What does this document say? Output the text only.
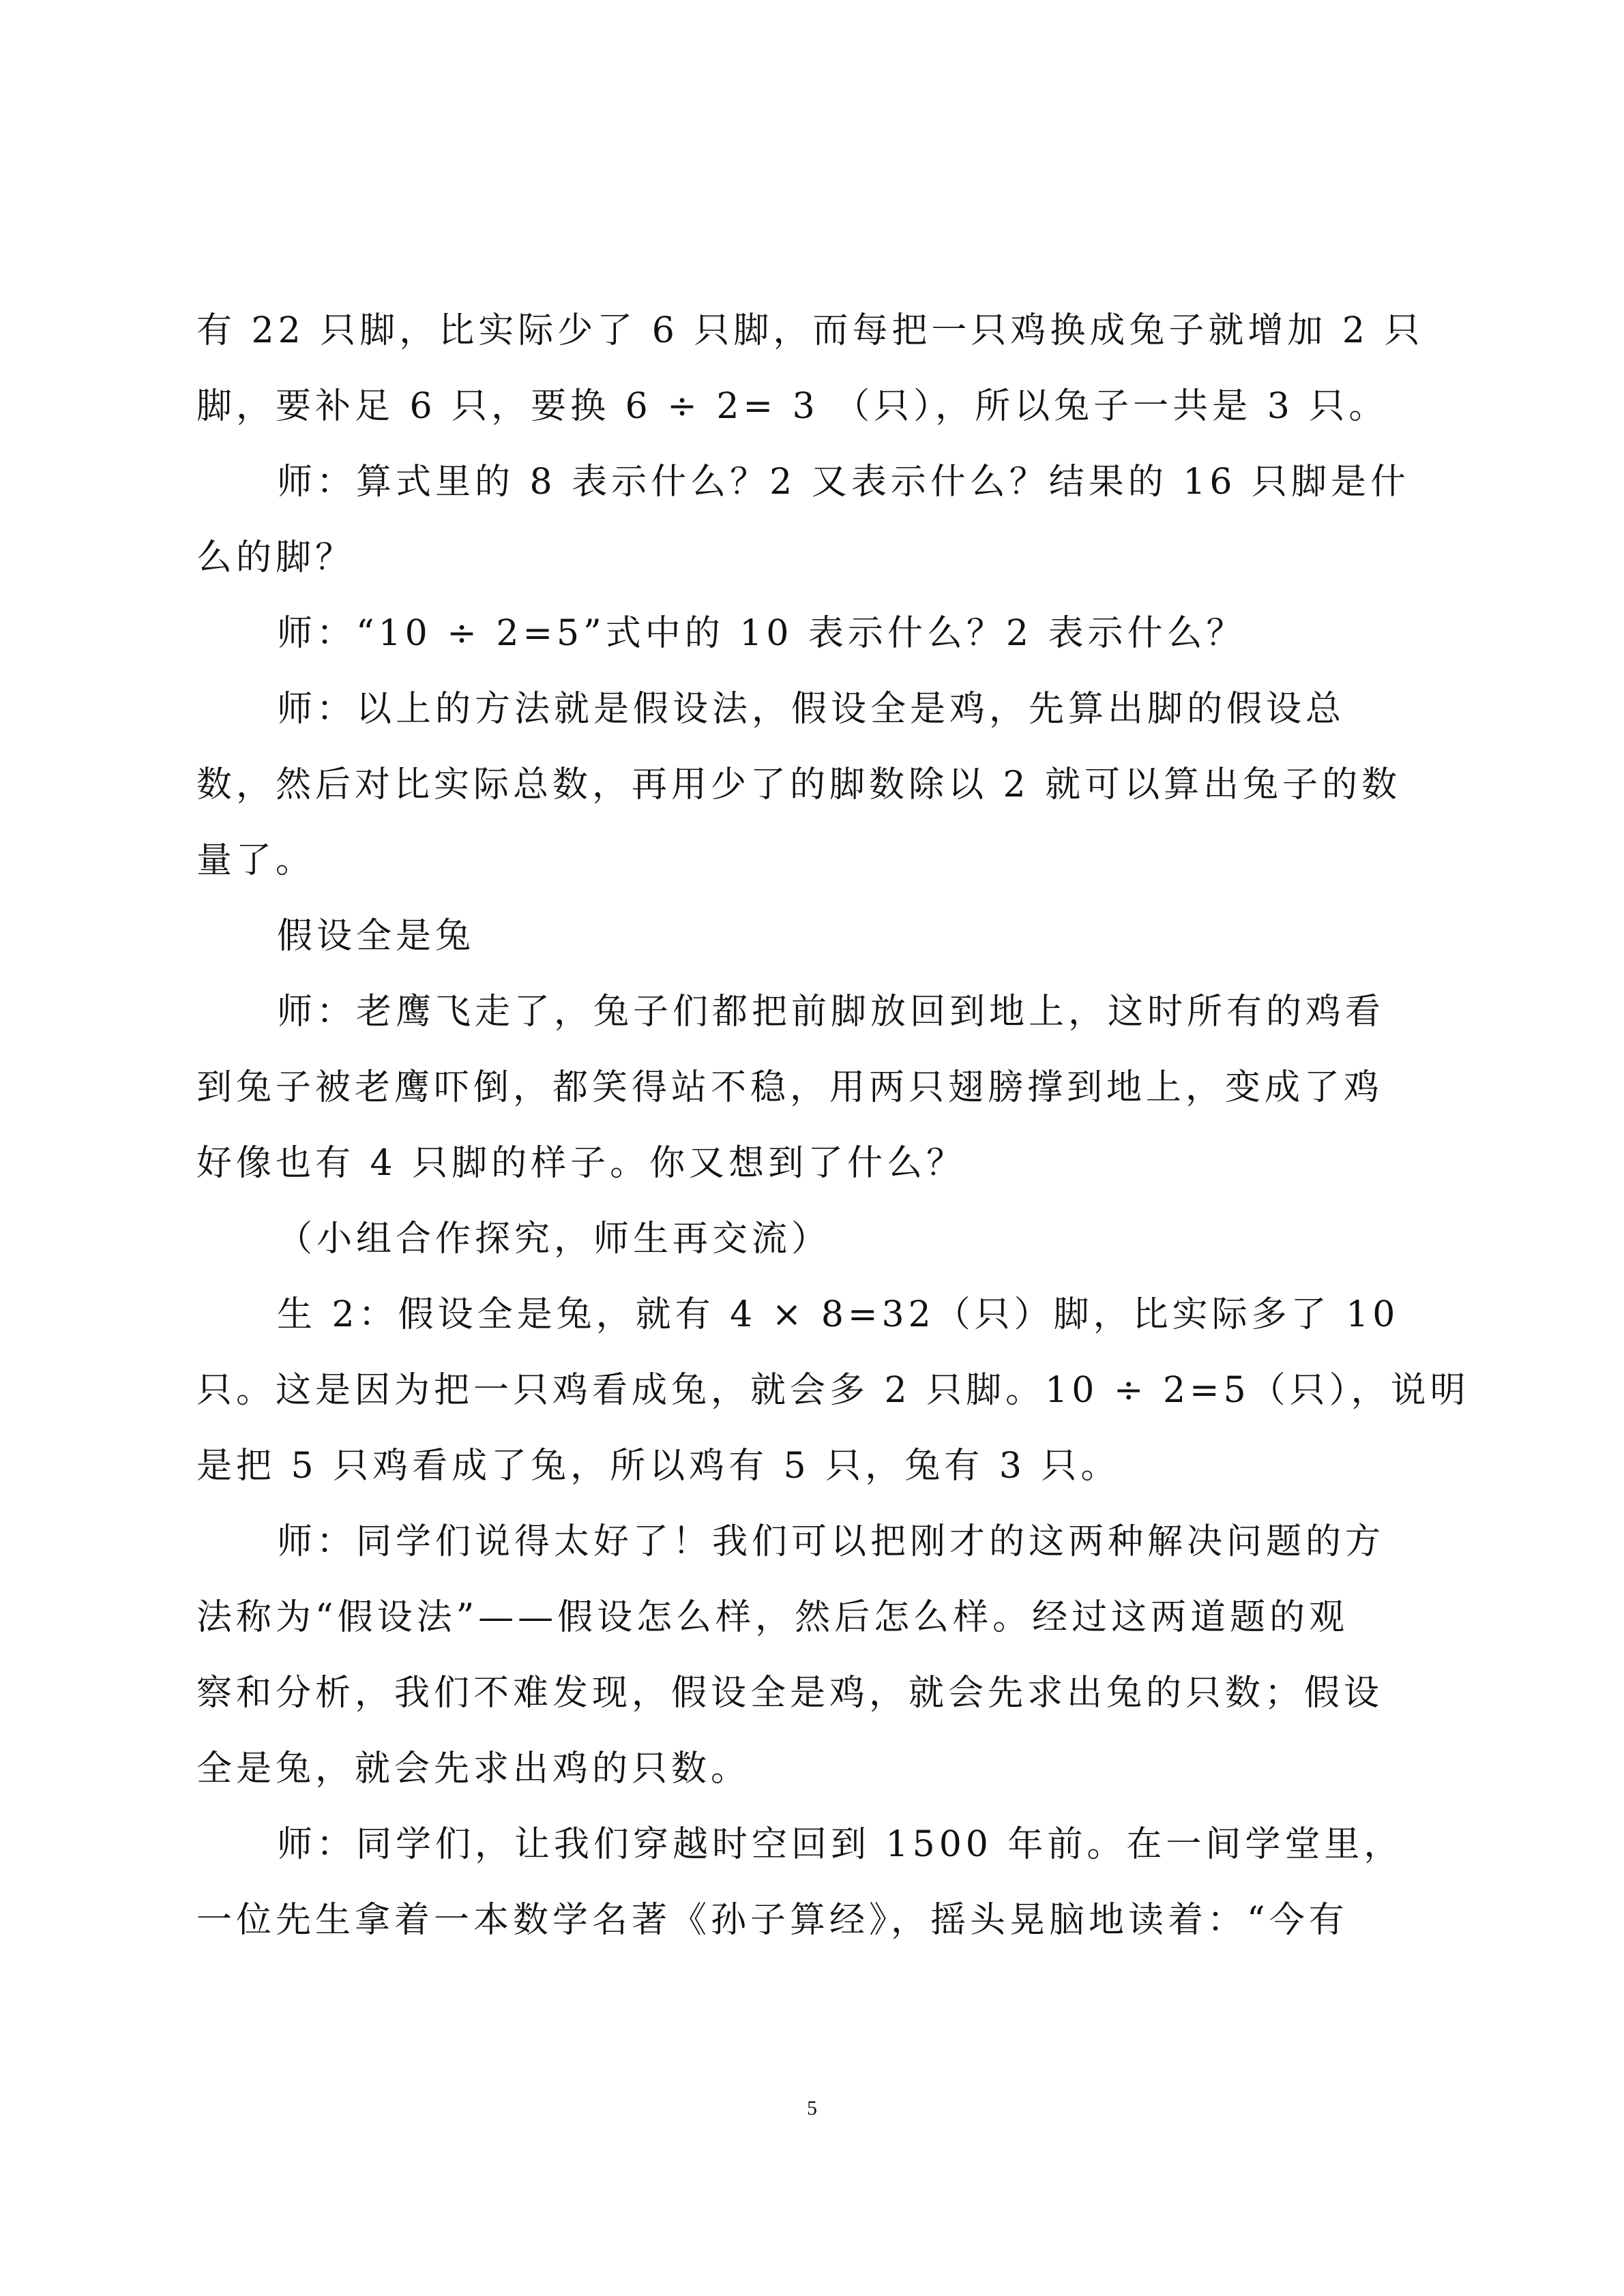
有 22 只脚，比实际少了 6 只脚，而每把一只鸡换成兔子就增加 2 只
脚，要补足 6 只，要换 6 ÷ 2= 3 （只），所以兔子一共是 3 只。
师：算式里的 8 表示什么？2 又表示什么？结果的 16 只脚是什
么的脚？
师：“10 ÷ 2=5”式中的 10 表示什么？2 表示什么？
师：以上的方法就是假设法，假设全是鸡，先算出脚的假设总
数，然后对比实际总数，再用少了的脚数除以 2 就可以算出兔子的数
量了。
假设全是兔
师：老鹰飞走了，兔子们都把前脚放回到地上，这时所有的鸡看
到兔子被老鹰吓倒，都笑得站不稳，用两只翅膀撑到地上，变成了鸡
好像也有 4 只脚的样子。你又想到了什么？
（小组合作探究，师生再交流）
生 2：假设全是兔，就有 4 × 8=32（只）脚，比实际多了 10
只。这是因为把一只鸡看成兔，就会多 2 只脚。10 ÷ 2=5（只），说明
是把 5 只鸡看成了兔，所以鸡有 5 只，兔有 3 只。
师：同学们说得太好了！我们可以把刚才的这两种解决问题的方
法称为“假设法”——假设怎么样，然后怎么样。经过这两道题的观
察和分析，我们不难发现，假设全是鸡，就会先求出兔的只数；假设
全是兔，就会先求出鸡的只数。
师：同学们，让我们穿越时空回到 1500 年前。在一间学堂里，
一位先生拿着一本数学名著《孙子算经》，摇头晃脑地读着：“今有
5
